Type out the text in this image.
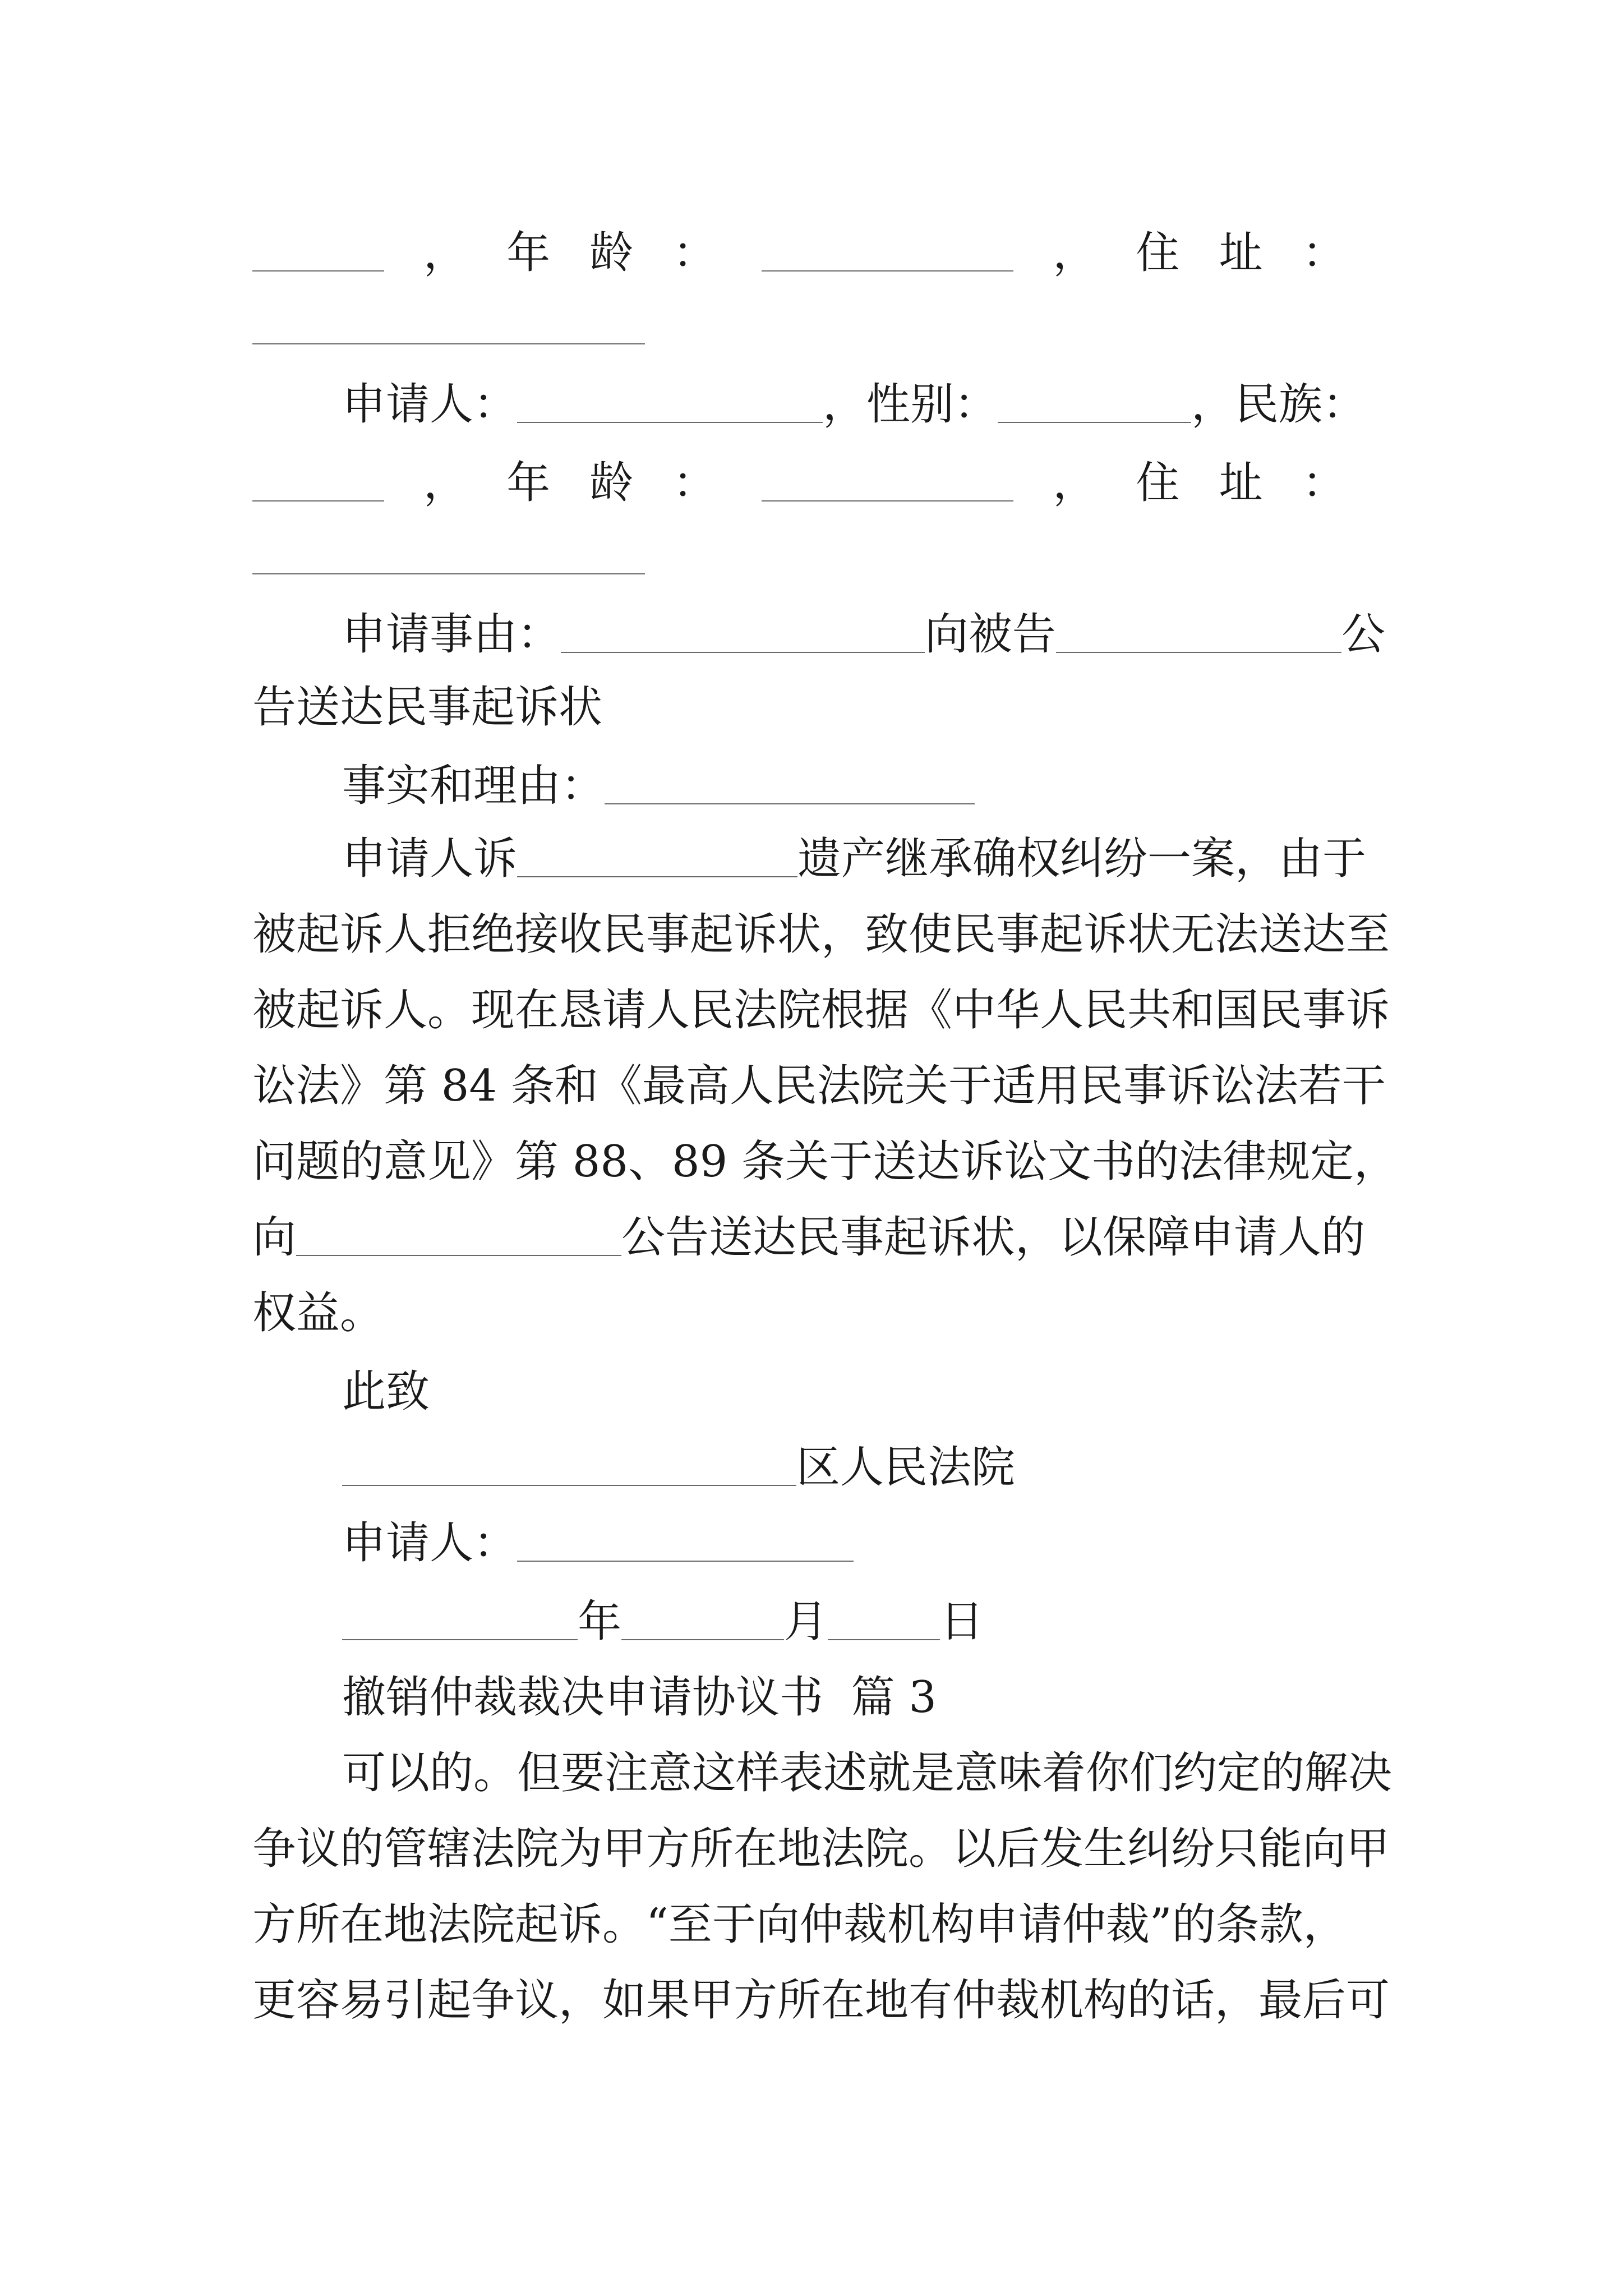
，年龄：	，住址：
申请人：	，性别：	，民族：
，年龄：	，住址：
申请事由：	向被告	公
告送达民事起诉状
事实和理由：
申请人诉	遗产继承确权纠纷一案，由于
被起诉人拒绝接收民事起诉状，致使民事起诉状无法送达至
被起诉人。现在恳请人民法院根据《中华人民共和国民事诉
讼法》第 84 条和《最高人民法院关于适用民事诉讼法若干
问题的意见》第 88、89 条关于送达诉讼文书的法律规定，
向	公告送达民事起诉状，以保障申请人的
权益。
此致
区人民法院
申请人：
年	月	日
撤销仲裁裁决申请协议书  篇 3
可以的。但要注意这样表述就是意味着你们约定的解决
争议的管辖法院为甲方所在地法院。以后发生纠纷只能向甲
方所在地法院起诉。“至于向仲裁机构申请仲裁”的条款，
更容易引起争议，如果甲方所在地有仲裁机构的话，最后可
